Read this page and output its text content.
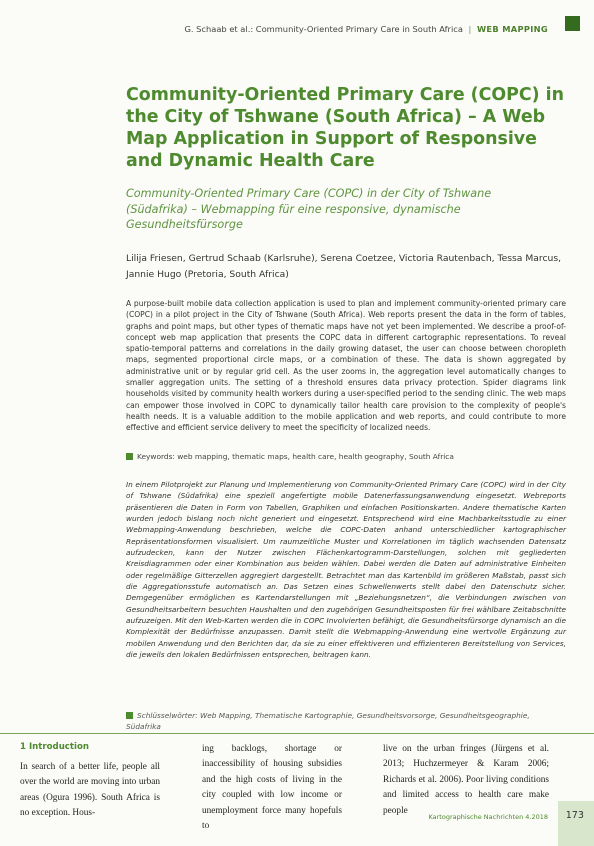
G. Schaab et al.: Community-Oriented Primary Care in South Africa | WEB MAPPING
Community-Oriented Primary Care (COPC) in the City of Tshwane (South Africa) – A Web Map Application in Support of Responsive and Dynamic Health Care

Community-Oriented Primary Care (COPC) in der City of Tshwane (Südafrika) – Webmapping für eine responsive, dynamische Gesundheitsfürsorge

Lilija Friesen, Gertrud Schaab (Karlsruhe), Serena Coetzee, Victoria Rautenbach, Tessa Marcus, Jannie Hugo (Pretoria, South Africa)

A purpose-built mobile data collection application is used to plan and implement community-oriented primary care (COPC) in a pilot project in the City of Tshwane (South Africa). Web reports present the data in the form of tables, graphs and point maps, but other types of thematic maps have not yet been implemented. We describe a proof-of-concept web map application that presents the COPC data in different cartographic representations. To reveal spatio-temporal patterns and correlations in the daily growing dataset, the user can choose between choropleth maps, segmented proportional circle maps, or a combination of these. The data is shown aggregated by administrative unit or by regular grid cell. As the user zooms in, the aggregation level automatically changes to smaller aggregation units. The setting of a threshold ensures data privacy protection. Spider diagrams link households visited by community health workers during a user-specified period to the sending clinic. The web maps can empower those involved in COPC to dynamically tailor health care provision to the complexity of people's health needs. It is a valuable addition to the mobile application and web reports, and could contribute to more effective and efficient service delivery to meet the specificity of localized needs.

Keywords: web mapping, thematic maps, health care, health geography, South Africa

In einem Pilotprojekt zur Planung und Implementierung von Community-Oriented Primary Care (COPC) wird in der City of Tshwane (Südafrika) eine speziell angefertigte mobile Datenerfassungsanwendung eingesetzt. Webreports präsentieren die Daten in Form von Tabellen, Graphiken und einfachen Positionskarten. Andere thematische Karten wurden jedoch bislang noch nicht generiert und eingesetzt. Entsprechend wird eine Machbarkeitsstudie zu einer Webmapping-Anwendung beschrieben, welche die COPC-Daten anhand unterschiedlicher kartographischer Repräsentationsformen visualisiert. Um raumzeitliche Muster und Korrelationen im täglich wachsenden Datensatz aufzudecken, kann der Nutzer zwischen Flächenkartogramm-Darstellungen, solchen mit gegliederten Kreisdiagrammen oder einer Kombination aus beiden wählen. Dabei werden die Daten auf administrative Einheiten oder regelmäßige Gitterzellen aggregiert dargestellt. Betrachtet man das Kartenbild im größeren Maßstab, passt sich die Aggregationsstufe automatisch an. Das Setzen eines Schwellenwerts stellt dabei den Datenschutz sicher. Demgegenüber ermöglichen es Kartendarstellungen mit „Beziehungsnetzen“, die Verbindungen zwischen von Gesundheitsarbeitern besuchten Haushalten und den zugehörigen Gesundheitsposten für frei wählbare Zeitabschnitte aufzuzeigen. Mit den Web-Karten werden die in COPC Involvierten befähigt, die Gesundheitsfürsorge dynamisch an die Komplexität der Bedürfnisse anzupassen. Damit stellt die Webmapping-Anwendung eine wertvolle Ergänzung zur mobilen Anwendung und den Berichten dar, da sie zu einer effektiveren und effizienteren Bereitstellung von Services, die jeweils den lokalen Bedürfnissen entsprechen, beitragen kann.

Schlüsselwörter: Web Mapping, Thematische Kartographie, Gesundheitsvorsorge, Gesundheitsgeographie, Südafrika

1 Introduction

In search of a better life, people all over the world are moving into urban areas (Ogura 1996). South Africa is no exception. Hous-

ing backlogs, shortage or inaccessibility of housing subsidies and the high costs of living in the city coupled with low income or unemployment force many hopefuls to

live on the urban fringes (Jürgens et al. 2013; Huchzermeyer & Karam 2006; Richards et al. 2006). Poor living conditions and limited access to health care make people

Kartographische Nachrichten 4.2018 173
